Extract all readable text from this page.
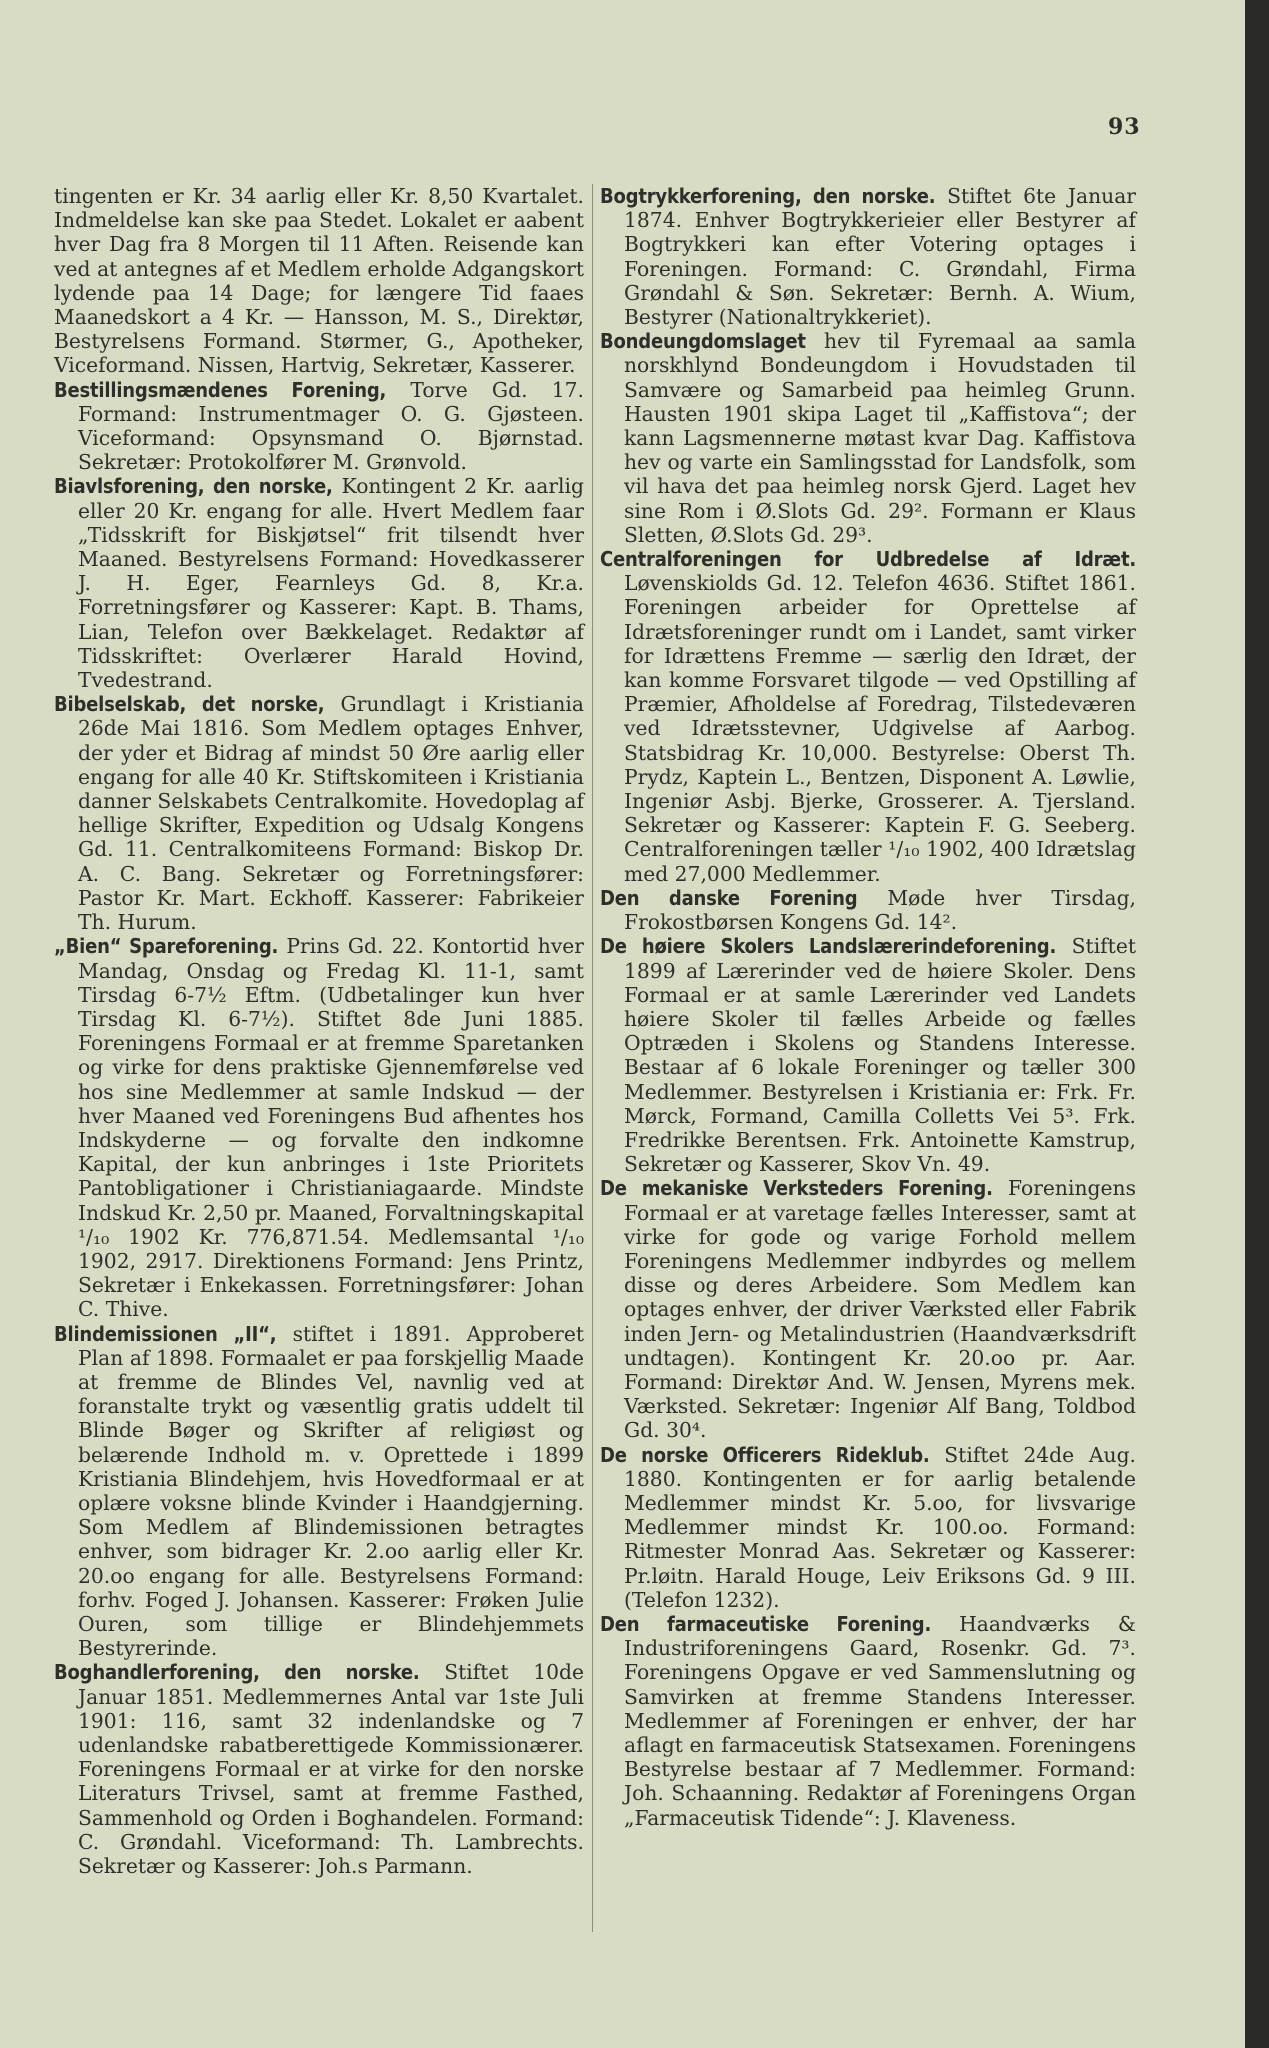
93

tingenten er Kr. 34 aarlig eller Kr. 8,50 Kvartalet. Indmeldelse kan ske paa Stedet. Lokalet er aabent hver Dag fra 8 Morgen til 11 Aften. Reisende kan ved at antegnes af et Medlem erholde Adgangskort lydende paa 14 Dage; for længere Tid faaes Maanedskort a 4 Kr. — Hansson, M. S., Direktør, Bestyrelsens Formand. Størmer, G., Apotheker, Viceformand. Nissen, Hartvig, Sekretær, Kasserer.

Bestillingsmændenes Forening, Torve Gd. 17. Formand: Instrumentmager O. G. Gjøsteen. Viceformand: Opsynsmand O. Bjørnstad. Sekretær: Protokolfører M. Grønvold.

Biavlsforening, den norske, Kontingent 2 Kr. aarlig eller 20 Kr. engang for alle. Hvert Medlem faar „Tidsskrift for Biskjøtsel“ frit tilsendt hver Maaned. Bestyrelsens Formand: Hovedkasserer J. H. Eger, Fearnleys Gd. 8, Kr.a. Forretningsfører og Kasserer: Kapt. B. Thams, Lian, Telefon over Bækkelaget. Redaktør af Tidsskriftet: Overlærer Harald Hovind, Tvedestrand.

Bibelselskab, det norske, Grundlagt i Kristiania 26de Mai 1816. Som Medlem optages Enhver, der yder et Bidrag af mindst 50 Øre aarlig eller engang for alle 40 Kr. Stiftskomiteen i Kristiania danner Selskabets Centralkomite. Hovedoplag af hellige Skrifter, Expedition og Udsalg Kongens Gd. 11. Centralkomiteens Formand: Biskop Dr. A. C. Bang. Sekretær og Forretningsfører: Pastor Kr. Mart. Eckhoff. Kasserer: Fabrikeier Th. Hurum.

„Bien“ Spareforening. Prins Gd. 22. Kontortid hver Mandag, Onsdag og Fredag Kl. 11-1, samt Tirsdag 6-7½ Eftm. (Udbetalinger kun hver Tirsdag Kl. 6-7½). Stiftet 8de Juni 1885. Foreningens Formaal er at fremme Sparetanken og virke for dens praktiske Gjennemførelse ved hos sine Medlemmer at samle Indskud — der hver Maaned ved Foreningens Bud afhentes hos Indskyderne — og forvalte den indkomne Kapital, der kun anbringes i 1ste Prioritets Pantobligationer i Christianiagaarde. Mindste Indskud Kr. 2,50 pr. Maaned, Forvaltningskapital ¹/₁₀ 1902 Kr. 776,871.54. Medlemsantal ¹/₁₀ 1902, 2917. Direktionens Formand: Jens Printz, Sekretær i Enkekassen. Forretningsfører: Johan C. Thive.

Blindemissionen „II“, stiftet i 1891. Approberet Plan af 1898. Formaalet er paa forskjellig Maade at fremme de Blindes Vel, navnlig ved at foranstalte trykt og væsentlig gratis uddelt til Blinde Bøger og Skrifter af religiøst og belærende Indhold m. v. Oprettede i 1899 Kristiania Blindehjem, hvis Hovedformaal er at oplære voksne blinde Kvinder i Haandgjerning. Som Medlem af Blindemissionen betragtes enhver, som bidrager Kr. 2.oo aarlig eller Kr. 20.oo engang for alle. Bestyrelsens Formand: forhv. Foged J. Johansen. Kasserer: Frøken Julie Ouren, som tillige er Blindehjemmets Bestyrerinde.

Boghandlerforening, den norske. Stiftet 10de Januar 1851. Medlemmernes Antal var 1ste Juli 1901: 116, samt 32 indenlandske og 7 udenlandske rabatberettigede Kommissionærer. Foreningens Formaal er at virke for den norske Literaturs Trivsel, samt at fremme Fasthed, Sammenhold og Orden i Boghandelen. Formand: C. Grøndahl. Viceformand: Th. Lambrechts. Sekretær og Kasserer: Joh.s Parmann.

Bogtrykkerforening, den norske. Stiftet 6te Januar 1874. Enhver Bogtrykkerieier eller Bestyrer af Bogtrykkeri kan efter Votering optages i Foreningen. Formand: C. Grøndahl, Firma Grøndahl & Søn. Sekretær: Bernh. A. Wium, Bestyrer (Nationaltrykkeriet).

Bondeungdomslaget hev til Fyremaal aa samla norskhlynd Bondeungdom i Hovudstaden til Samvære og Samarbeid paa heimleg Grunn. Hausten 1901 skipa Laget til „Kaffistova“; der kann Lagsmennerne møtast kvar Dag. Kaffistova hev og varte ein Samlingsstad for Landsfolk, som vil hava det paa heimleg norsk Gjerd. Laget hev sine Rom i Ø.Slots Gd. 29². Formann er Klaus Sletten, Ø.Slots Gd. 29³.

Centralforeningen for Udbredelse af Idræt. Løvenskiolds Gd. 12. Telefon 4636. Stiftet 1861. Foreningen arbeider for Oprettelse af Idrætsforeninger rundt om i Landet, samt virker for Idrættens Fremme — særlig den Idræt, der kan komme Forsvaret tilgode — ved Opstilling af Præmier, Afholdelse af Foredrag, Tilstedeværen ved Idrætsstevner, Udgivelse af Aarbog. Statsbidrag Kr. 10,000. Bestyrelse: Oberst Th. Prydz, Kaptein L., Bentzen, Disponent A. Løwlie, Ingeniør Asbj. Bjerke, Grosserer. A. Tjersland. Sekretær og Kasserer: Kaptein F. G. Seeberg. Centralforeningen tæller ¹/₁₀ 1902, 400 Idrætslag med 27,000 Medlemmer.

Den danske Forening Møde hver Tirsdag, Frokostbørsen Kongens Gd. 14².

De høiere Skolers Landslærerindeforening. Stiftet 1899 af Lærerinder ved de høiere Skoler. Dens Formaal er at samle Lærerinder ved Landets høiere Skoler til fælles Arbeide og fælles Optræden i Skolens og Standens Interesse. Bestaar af 6 lokale Foreninger og tæller 300 Medlemmer. Bestyrelsen i Kristiania er: Frk. Fr. Mørck, Formand, Camilla Colletts Vei 5³. Frk. Fredrikke Berentsen. Frk. Antoinette Kamstrup, Sekretær og Kasserer, Skov Vn. 49.

De mekaniske Verksteders Forening. Foreningens Formaal er at varetage fælles Interesser, samt at virke for gode og varige Forhold mellem Foreningens Medlemmer indbyrdes og mellem disse og deres Arbeidere. Som Medlem kan optages enhver, der driver Værksted eller Fabrik inden Jern- og Metalindustrien (Haandværksdrift undtagen). Kontingent Kr. 20.oo pr. Aar. Formand: Direktør And. W. Jensen, Myrens mek. Værksted. Sekretær: Ingeniør Alf Bang, Toldbod Gd. 30⁴.

De norske Officerers Rideklub. Stiftet 24de Aug. 1880. Kontingenten er for aarlig betalende Medlemmer mindst Kr. 5.oo, for livsvarige Medlemmer mindst Kr. 100.oo. Formand: Ritmester Monrad Aas. Sekretær og Kasserer: Pr.løitn. Harald Houge, Leiv Eriksons Gd. 9 III. (Telefon 1232).

Den farmaceutiske Forening. Haandværks & Industriforeningens Gaard, Rosenkr. Gd. 7³. Foreningens Opgave er ved Sammenslutning og Samvirken at fremme Standens Interesser. Medlemmer af Foreningen er enhver, der har aflagt en farmaceutisk Statsexamen. Foreningens Bestyrelse bestaar af 7 Medlemmer. Formand: Joh. Schaanning. Redaktør af Foreningens Organ „Farmaceutisk Tidende“: J. Klaveness.
